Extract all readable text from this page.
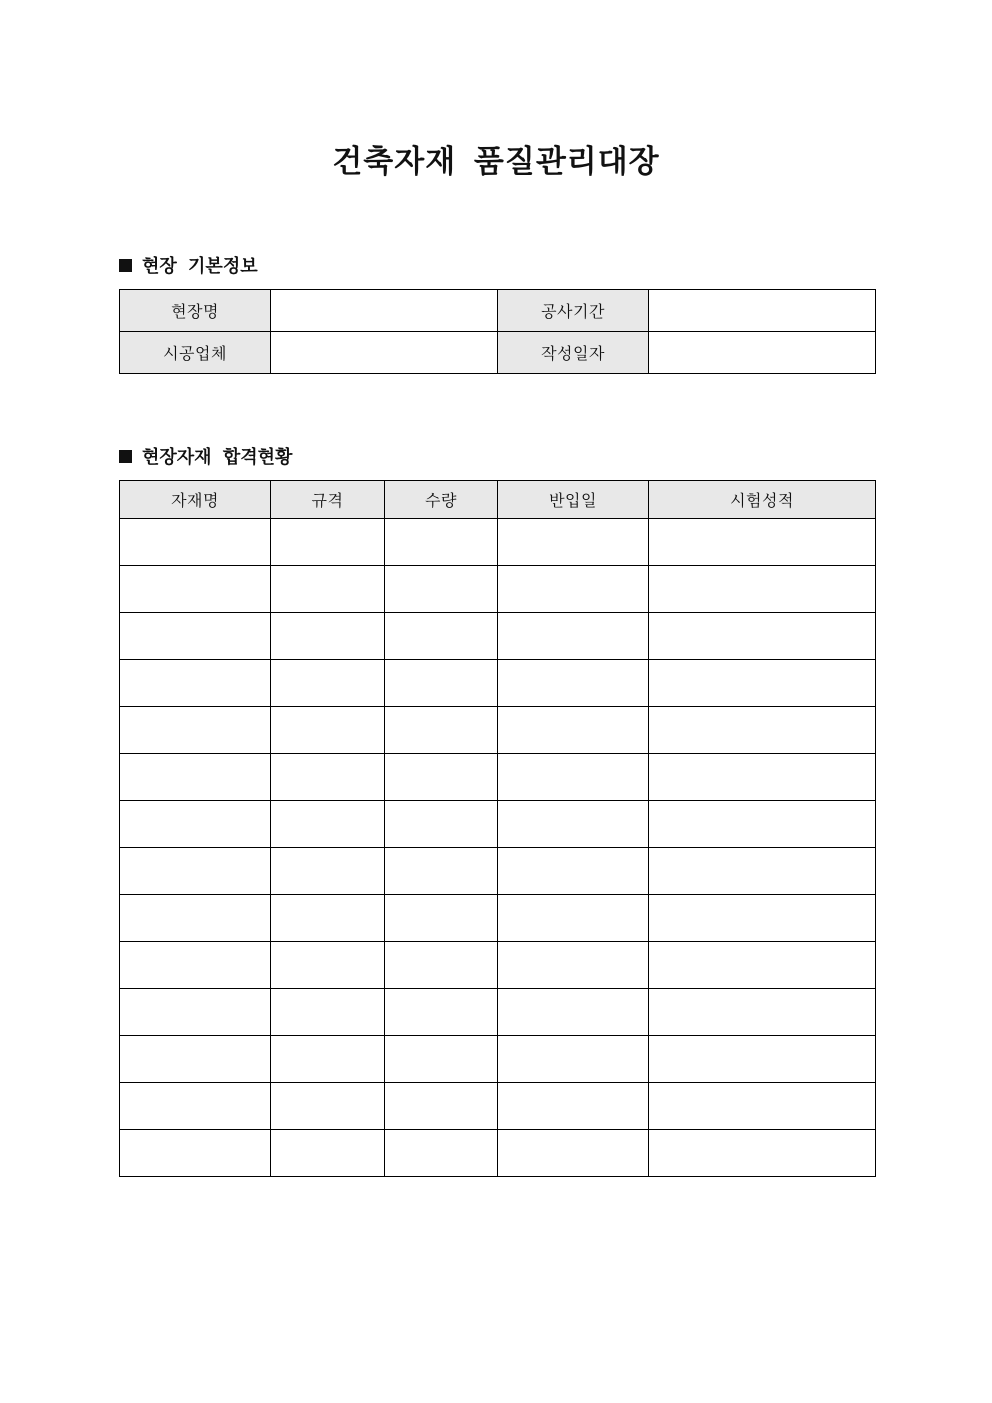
건축자재 품질관리대장
현장 기본정보
현장명		공사기간	
시공업체		작성일자	
현장자재 합격현황
자재명	규격	수량	반입일	시험성적
